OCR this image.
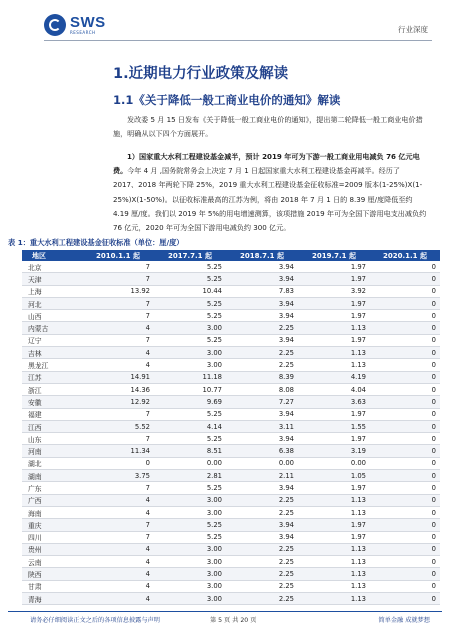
SWS
RESEARCH	行业深度
1.近期电力行业政策及解读
1.1《关于降低一般工商业电价的通知》解读
发改委 5 月 15 日发布《关于降低一般工商业电价的通知》，提出第二轮降低一般工商业电价措施，明确从以下四个方面展开。
1）国家重大水利工程建设基金减半，预计 2019 年可为下游一般工商业用电减负 76 亿元电费。今年 4 月 ,国务院常务会上决定 7 月 1 日起国家重大水利工程建设基金再减半。经历了 2017、2018 年两轮下降 25%，2019 重大水利工程建设基金征收标准=2009 版本(1-25%)X(1-25%)X(1-50%)。以征收标准最高的江苏为例，将由 2018 年 7 月 1 日的 8.39 厘/度降低至约 4.19 厘/度。我们以 2019 年 5%的用电增速测算，该项措施 2019 年可为全国下游用电支出减负约 76 亿元，2020 年可为全国下游用电减负约 300 亿元。
表 1：重大水利工程建设基金征收标准（单位：厘/度）
地区	2010.1.1 起	2017.7.1 起	2018.7.1 起	2019.7.1 起	2020.1.1 起
北京	7	5.25	3.94	1.97	0
天津	7	5.25	3.94	1.97	0
上海	13.92	10.44	7.83	3.92	0
河北	7	5.25	3.94	1.97	0
山西	7	5.25	3.94	1.97	0
内蒙古	4	3.00	2.25	1.13	0
辽宁	7	5.25	3.94	1.97	0
吉林	4	3.00	2.25	1.13	0
黑龙江	4	3.00	2.25	1.13	0
江苏	14.91	11.18	8.39	4.19	0
浙江	14.36	10.77	8.08	4.04	0
安徽	12.92	9.69	7.27	3.63	0
福建	7	5.25	3.94	1.97	0
江西	5.52	4.14	3.11	1.55	0
山东	7	5.25	3.94	1.97	0
河南	11.34	8.51	6.38	3.19	0
湖北	0	0.00	0.00	0.00	0
湖南	3.75	2.81	2.11	1.05	0
广东	7	5.25	3.94	1.97	0
广西	4	3.00	2.25	1.13	0
海南	4	3.00	2.25	1.13	0
重庆	7	5.25	3.94	1.97	0
四川	7	5.25	3.94	1.97	0
贵州	4	3.00	2.25	1.13	0
云南	4	3.00	2.25	1.13	0
陕西	4	3.00	2.25	1.13	0
甘肃	4	3.00	2.25	1.13	0
青海	4	3.00	2.25	1.13	0
请务必仔细阅读正文之后的各项信息披露与声明	第 5 页 共 20 页	简单金融 成就梦想
